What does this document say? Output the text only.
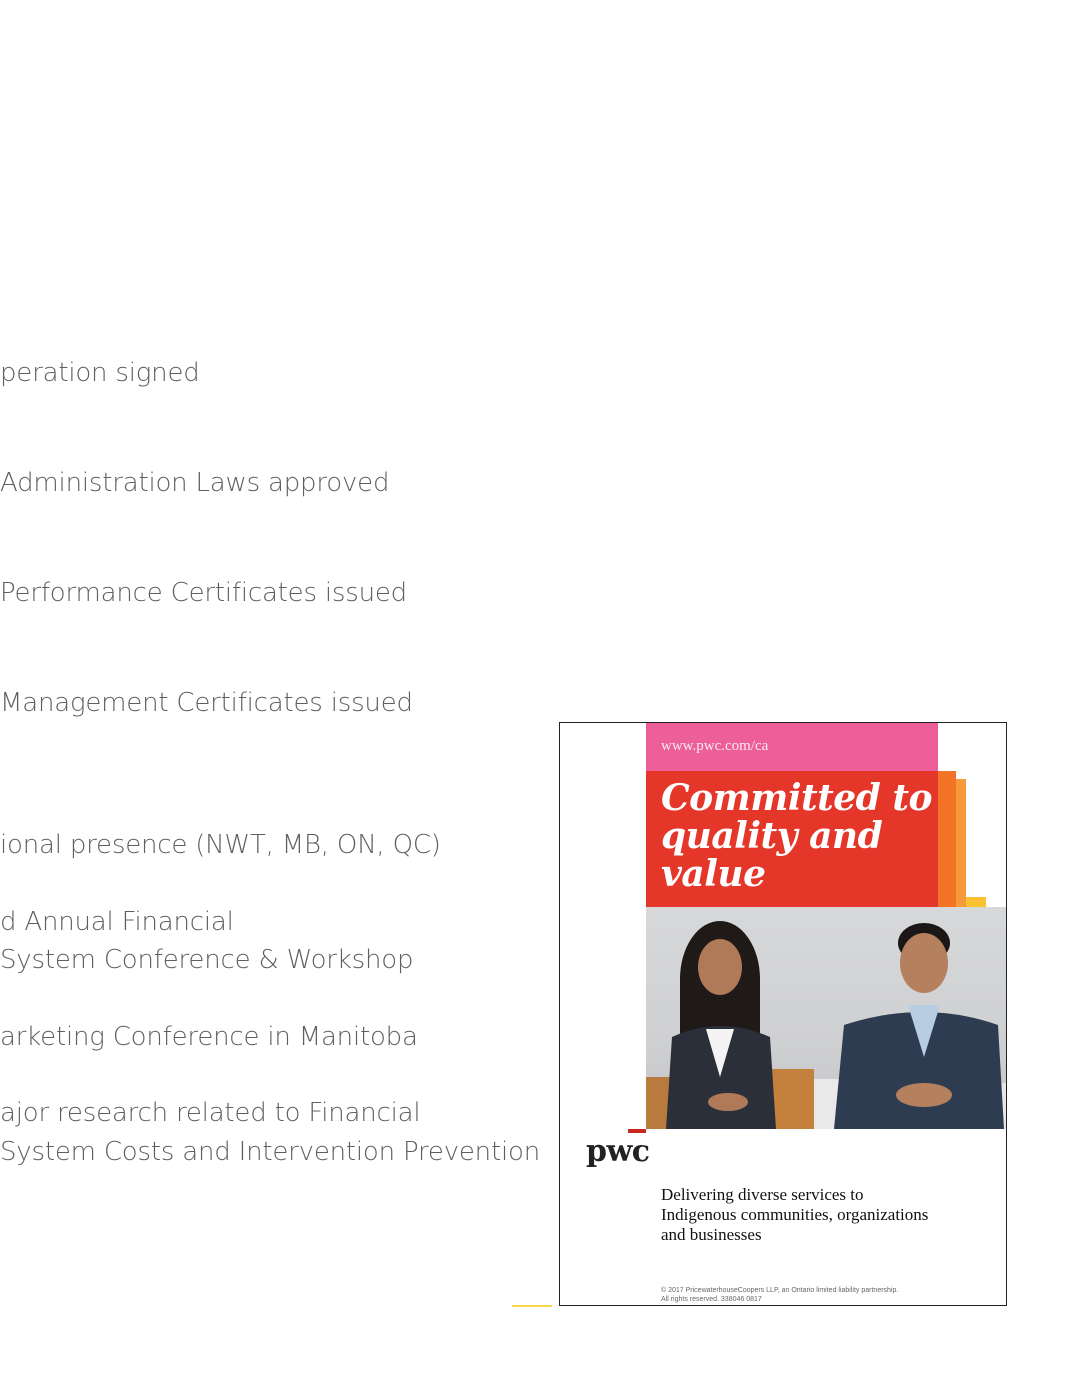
peration signed

Administration Laws approved

Performance Certificates issued

Management Certificates issued

ional presence (NWT, MB, ON, QC)

d Annual Financial

System Conference & Workshop

arketing Conference in Manitoba

ajor research related to Financial

System Costs and Intervention Prevention

www.pwc.com/ca
Committed to
quality and
value
pwc
Delivering diverse services to
Indigenous communities, organizations
and businesses
© 2017 PricewaterhouseCoopers LLP, an Ontario limited liability partnership.
All rights reserved. 338046 0817
